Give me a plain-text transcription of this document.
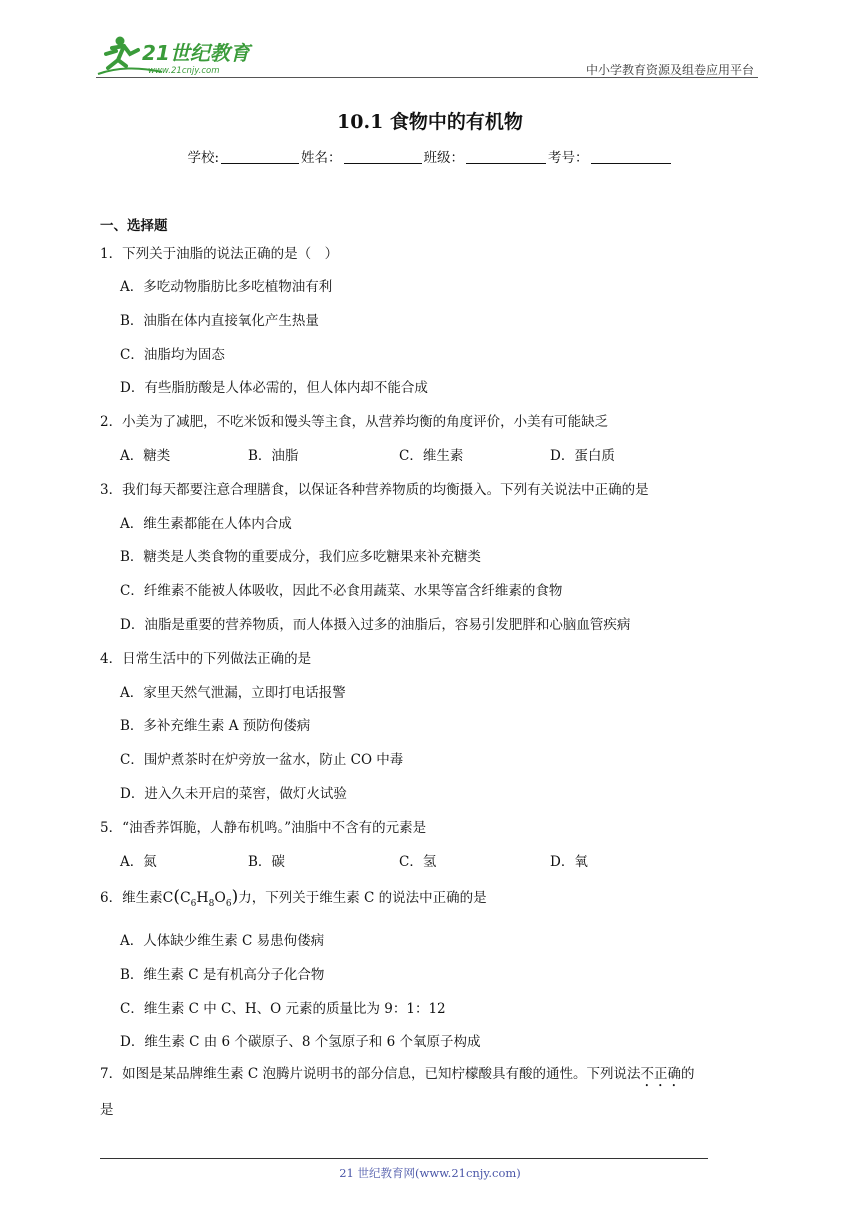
21世纪教育
www.21cnjy.com	中小学教育资源及组卷应用平台
10.1 食物中的有机物
学校:	姓名：	班级：	考号：
一、选择题
1．下列关于油脂的说法正确的是（　）
A．多吃动物脂肪比多吃植物油有利
B．油脂在体内直接氧化产生热量
C．油脂均为固态
D．有些脂肪酸是人体必需的，但人体内却不能合成
2．小美为了减肥，不吃米饭和馒头等主食，从营养均衡的角度评价，小美有可能缺乏
A．糖类	B．油脂	C．维生素	D．蛋白质
3．我们每天都要注意合理膳食，以保证各种营养物质的均衡摄入。下列有关说法中正确的是
A．维生素都能在人体内合成
B．糖类是人类食物的重要成分，我们应多吃糖果来补充糖类
C．纤维素不能被人体吸收，因此不必食用蔬菜、水果等富含纤维素的食物
D．油脂是重要的营养物质，而人体摄入过多的油脂后，容易引发肥胖和心脑血管疾病
4．日常生活中的下列做法正确的是
A．家里天然气泄漏，立即打电话报警
B．多补充维生素 A 预防佝偻病
C．围炉煮茶时在炉旁放一盆水，防止 CO 中毒
D．进入久未开启的菜窖，做灯火试验
5．“油香荞饵脆，人静布机鸣。”油脂中不含有的元素是
A．氮	B．碳	C．氢	D．氧
6．维生素$C(C_6H_8O_6)$力，下列关于维生素 C 的说法中正确的是
A．人体缺少维生素 C 易患佝偻病
B．维生素 C 是有机高分子化合物
C．维生素 C 中 C、H、O 元素的质量比为 9：1：12
D．维生素 C 由 6 个碳原子、8 个氢原子和 6 个氧原子构成
7．如图是某品牌维生素 C 泡腾片说明书的部分信息，已知柠檬酸具有酸的通性。下列说法不正确的
是
21 世纪教育网(www.21cnjy.com)
